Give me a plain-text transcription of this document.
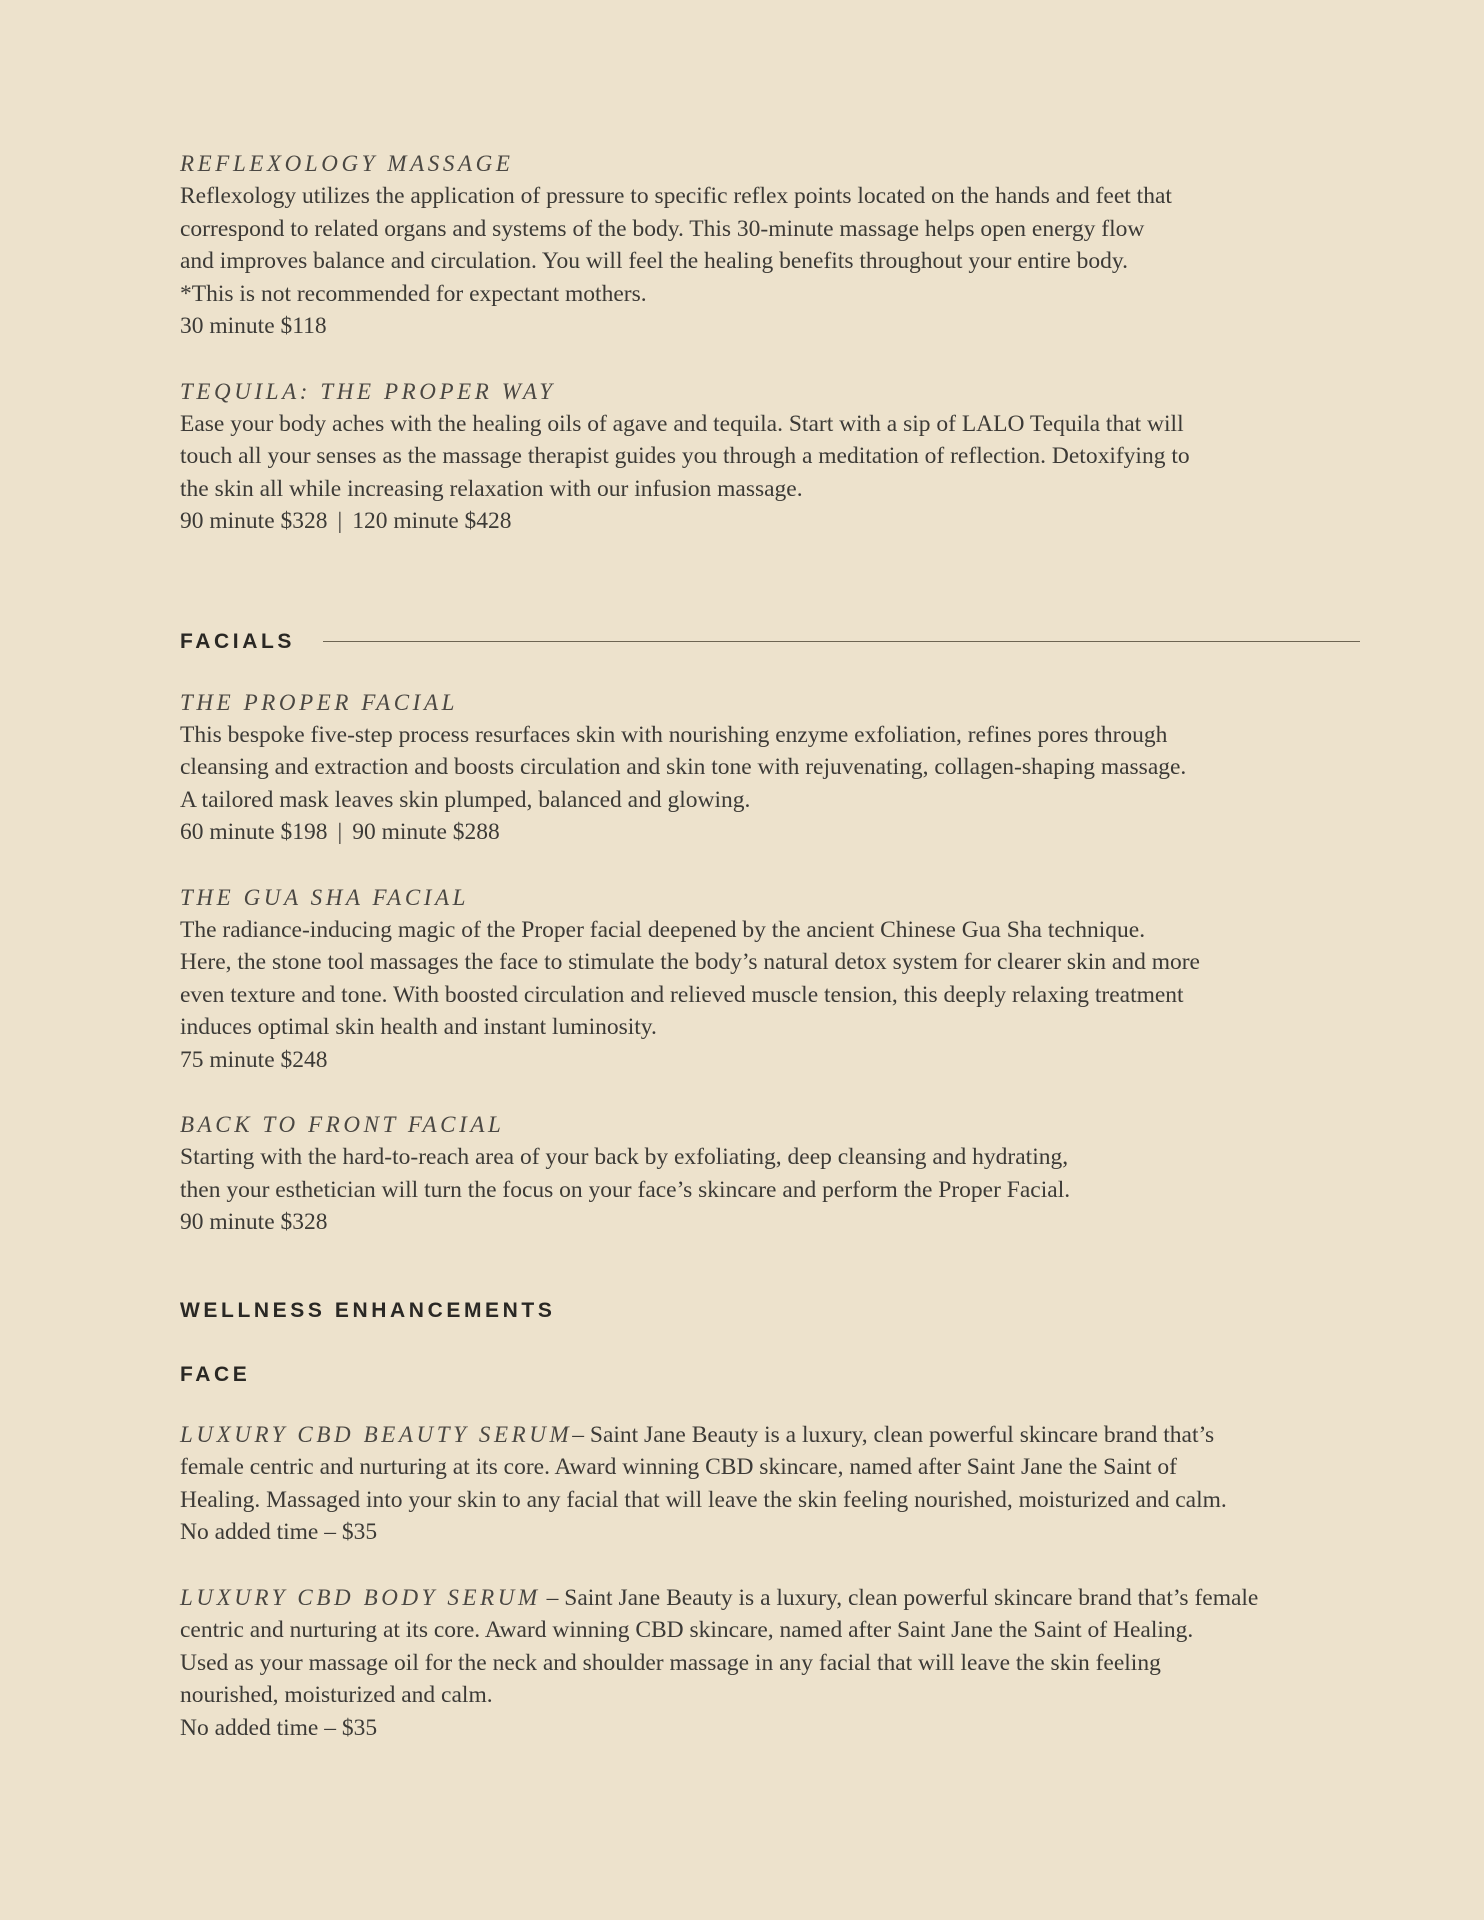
REFLEXOLOGY MASSAGE

Reflexology utilizes the application of pressure to specific reflex points located on the hands and feet that

correspond to related organs and systems of the body. This 30-minute massage helps open energy flow

and improves balance and circulation. You will feel the healing benefits throughout your entire body.

*This is not recommended for expectant mothers.

30 minute $118

TEQUILA: THE PROPER WAY

Ease your body aches with the healing oils of agave and tequila. Start with a sip of LALO Tequila that will

touch all your senses as the massage therapist guides you through a meditation of reflection. Detoxifying to

the skin all while increasing relaxation with our infusion massage.

90 minute $328 | 120 minute $428

FACIALS
THE PROPER FACIAL

This bespoke five-step process resurfaces skin with nourishing enzyme exfoliation, refines pores through

cleansing and extraction and boosts circulation and skin tone with rejuvenating, collagen-shaping massage.

A tailored mask leaves skin plumped, balanced and glowing.

60 minute $198 | 90 minute $288

THE GUA SHA FACIAL

The radiance-inducing magic of the Proper facial deepened by the ancient Chinese Gua Sha technique.

Here, the stone tool massages the face to stimulate the body’s natural detox system for clearer skin and more

even texture and tone. With boosted circulation and relieved muscle tension, this deeply relaxing treatment

induces optimal skin health and instant luminosity.

75 minute $248

BACK TO FRONT FACIAL

Starting with the hard-to-reach area of your back by exfoliating, deep cleansing and hydrating,

then your esthetician will turn the focus on your face’s skincare and perform the Proper Facial.

90 minute $328

WELLNESS ENHANCEMENTS
FACE

LUXURY CBD BEAUTY SERUM– Saint Jane Beauty is a luxury, clean powerful skincare brand that’s

female centric and nurturing at its core. Award winning CBD skincare, named after Saint Jane the Saint of

Healing. Massaged into your skin to any facial that will leave the skin feeling nourished, moisturized and calm.

No added time – $35

LUXURY CBD BODY SERUM – Saint Jane Beauty is a luxury, clean powerful skincare brand that’s female

centric and nurturing at its core. Award winning CBD skincare, named after Saint Jane the Saint of Healing.

Used as your massage oil for the neck and shoulder massage in any facial that will leave the skin feeling

nourished, moisturized and calm.

No added time – $35
